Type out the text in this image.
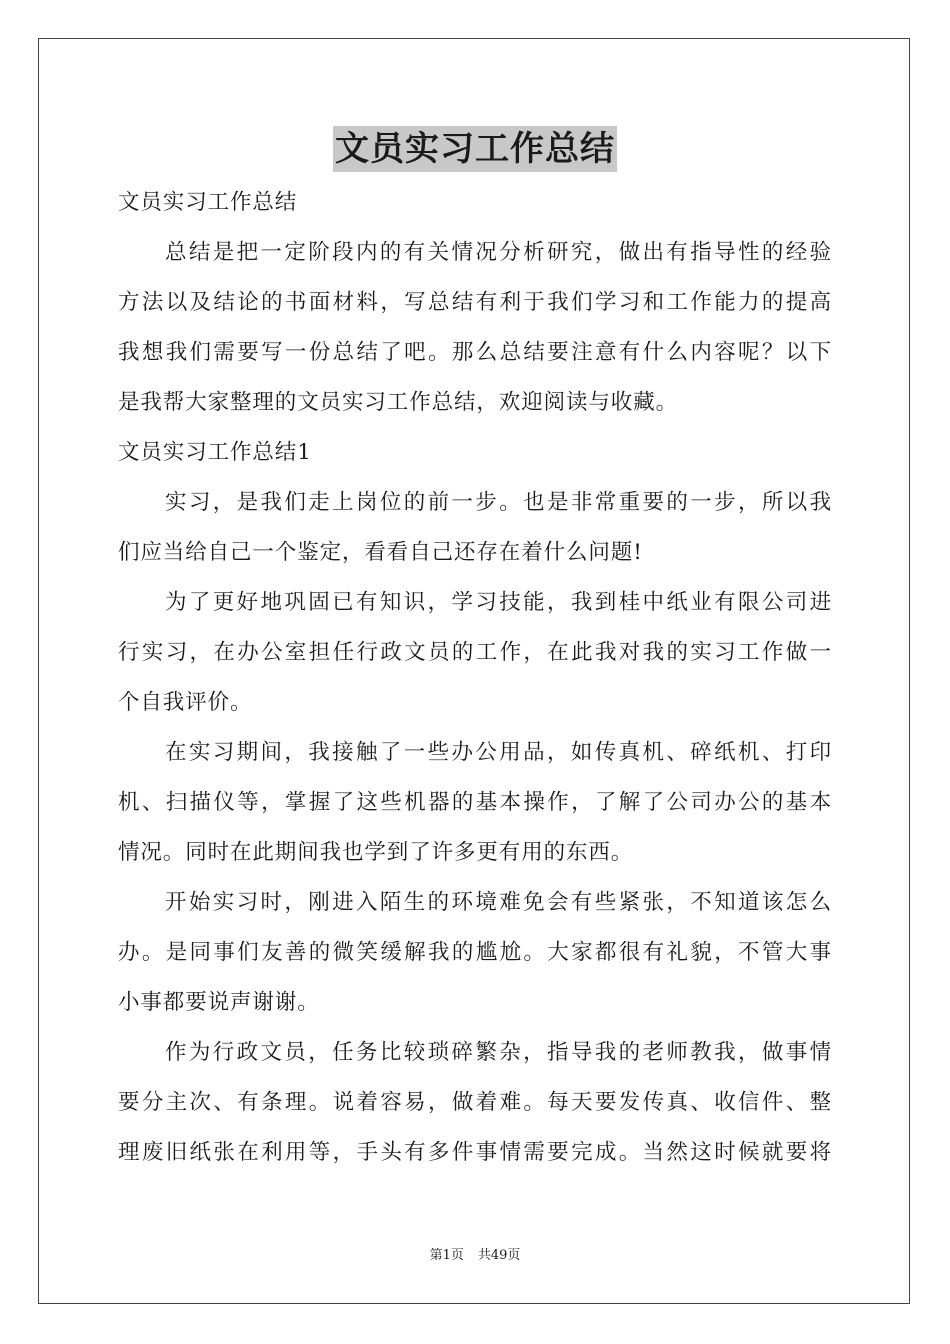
文员实习工作总结
文员实习工作总结
总结是把一定阶段内的有关情况分析研究，做出有指导性的经验
方法以及结论的书面材料，写总结有利于我们学习和工作能力的提高
我想我们需要写一份总结了吧。那么总结要注意有什么内容呢？以下
是我帮大家整理的文员实习工作总结，欢迎阅读与收藏。
文员实习工作总结1
实习，是我们走上岗位的前一步。也是非常重要的一步，所以我
们应当给自己一个鉴定，看看自己还存在着什么问题!
为了更好地巩固已有知识，学习技能，我到桂中纸业有限公司进
行实习，在办公室担任行政文员的工作，在此我对我的实习工作做一
个自我评价。
在实习期间，我接触了一些办公用品，如传真机、碎纸机、打印
机、扫描仪等，掌握了这些机器的基本操作，了解了公司办公的基本
情况。同时在此期间我也学到了许多更有用的东西。
开始实习时，刚进入陌生的环境难免会有些紧张，不知道该怎么
办。是同事们友善的微笑缓解我的尴尬。大家都很有礼貌，不管大事
小事都要说声谢谢。
作为行政文员，任务比较琐碎繁杂，指导我的老师教我，做事情
要分主次、有条理。说着容易，做着难。每天要发传真、收信件、整
理废旧纸张在利用等，手头有多件事情需要完成。当然这时候就要将
第1页 共49页
